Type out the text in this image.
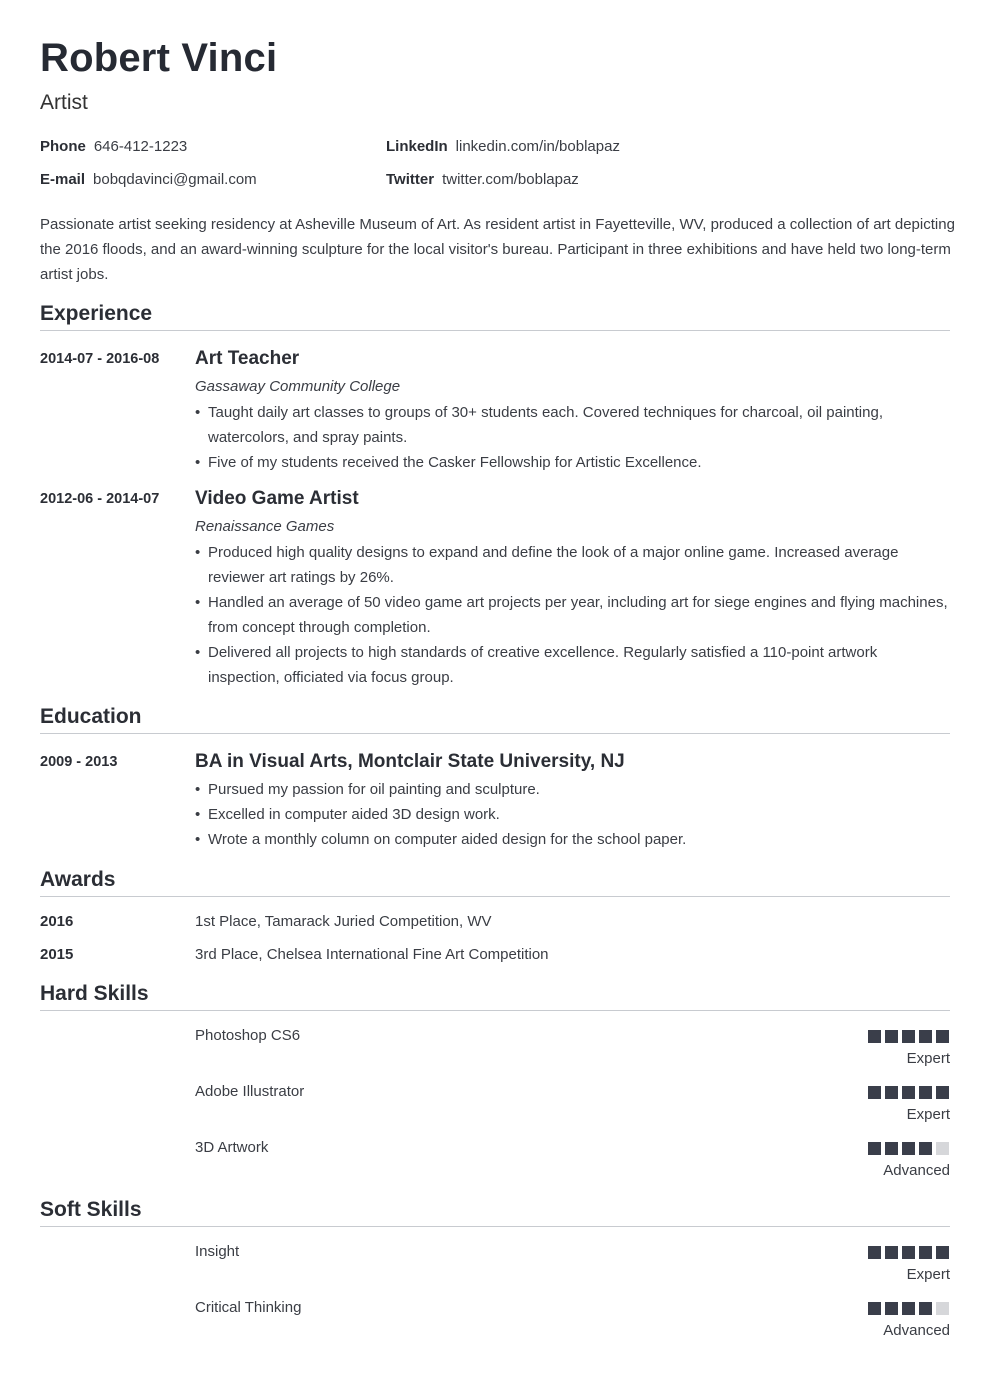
Robert Vinci
Artist
Phone 646-412-1223	LinkedIn linkedin.com/in/boblapaz
E-mail bobqdavinci@gmail.com	Twitter twitter.com/boblapaz

Passionate artist seeking residency at Asheville Museum of Art. As resident artist in Fayetteville, WV, produced a collection of art depicting the 2016 floods, and an award-winning sculpture for the local visitor's bureau. Participant in three exhibitions and have held two long-term artist jobs.

Experience
2014-07 - 2016-08 Art Teacher
Gassaway Community College
• Taught daily art classes to groups of 30+ students each. Covered techniques for charcoal, oil painting, watercolors, and spray paints.
• Five of my students received the Casker Fellowship for Artistic Excellence.
2012-06 - 2014-07 Video Game Artist
Renaissance Games
• Produced high quality designs to expand and define the look of a major online game. Increased average reviewer art ratings by 26%.
• Handled an average of 50 video game art projects per year, including art for siege engines and flying machines, from concept through completion.
• Delivered all projects to high standards of creative excellence. Regularly satisfied a 110-point artwork inspection, officiated via focus group.
Education
2009 - 2013	BA in Visual Arts, Montclair State University, NJ
• Pursued my passion for oil painting and sculpture.
• Excelled in computer aided 3D design work.
• Wrote a monthly column on computer aided design for the school paper.
Awards
2016	1st Place, Tamarack Juried Competition, WV
2015	3rd Place, Chelsea International Fine Art Competition
Hard Skills
Photoshop CS6
Expert
Adobe Illustrator
Expert
3D Artwork
Advanced
Soft Skills
Insight
Expert
Critical Thinking
Advanced
